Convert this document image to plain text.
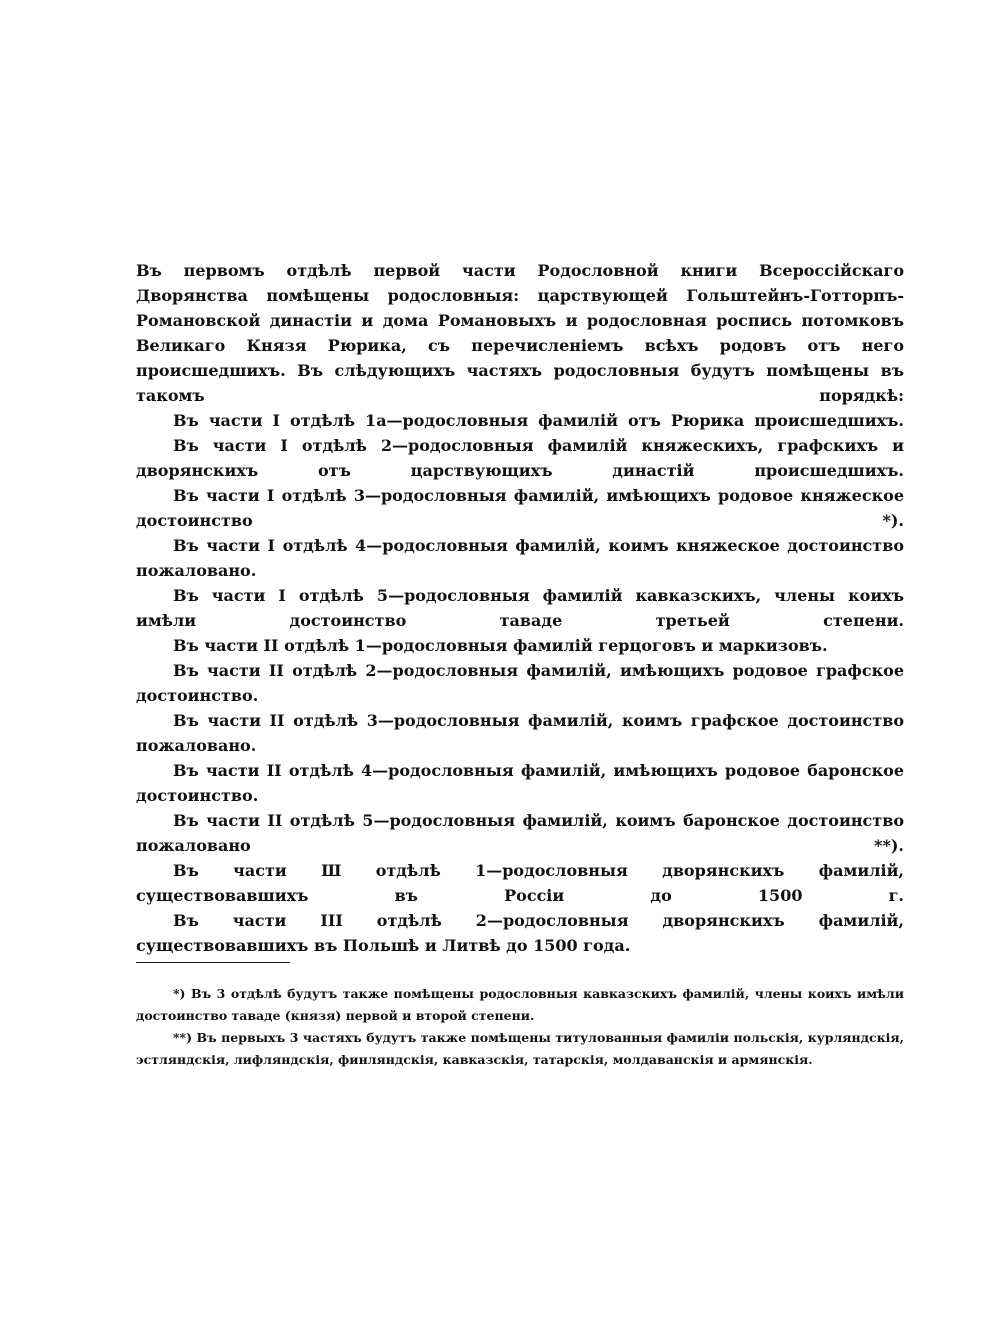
Въ первомъ отдѣлѣ первой части Родословной книги Всероссійскаго Дворянства помѣщены родословныя: царствующей Гольштейнъ-Готторпъ-Романовской династіи и дома Романовыхъ и родословная роспись потомковъ Великаго Князя Рюрика, съ перечисленіемъ всѣхъ родовъ отъ него происшедшихъ. Въ слѣдующихъ частяхъ родословныя будутъ помѣщены въ такомъ порядкѣ:

Въ части I отдѣлѣ 1а—родословныя фамилій отъ Рюрика происшедшихъ.

Въ части I отдѣлѣ 2—родословныя фамилій княжескихъ, графскихъ и дворянскихъ отъ царствующихъ династій происшедшихъ.

Въ части I отдѣлѣ 3—родословныя фамилій, имѣющихъ родовое княжеское достоинство *).

Въ части I отдѣлѣ 4—родословныя фамилій, коимъ княжеское достоинство пожаловано.

Въ части I отдѣлѣ 5—родословныя фамилій кавказскихъ, члены коихъ имѣли достоинство таваде третьей степени.

Въ части II отдѣлѣ 1—родословныя фамилій герцоговъ и маркизовъ.

Въ части II отдѣлѣ 2—родословныя фамилій, имѣющихъ родовое графское достоинство.

Въ части II отдѣлѣ 3—родословныя фамилій, коимъ графское достоинство пожаловано.

Въ части II отдѣлѣ 4—родословныя фамилій, имѣющихъ родовое баронское достоинство.

Въ части II отдѣлѣ 5—родословныя фамилій, коимъ баронское достоинство пожаловано **).

Въ части Ш отдѣлѣ 1—родословныя дворянскихъ фамилій, существовавшихъ въ Россіи до 1500 г.

Въ части III отдѣлѣ 2—родословныя дворянскихъ фамилій, существовавшихъ въ Польшѣ и Литвѣ до 1500 года.

*) Въ 3 отдѣлѣ будутъ также помѣщены родословныя кавказскихъ фамилій, члены коихъ имѣли достоинство таваде (князя) первой и второй степени.

**) Въ первыхъ 3 частяхъ будутъ также помѣщены титулованныя фамиліи польскія, курляндскія, эстляндскія, лифляндскія, финляндскія, кавказскія, татарскія, молдаванскія и армянскія.
